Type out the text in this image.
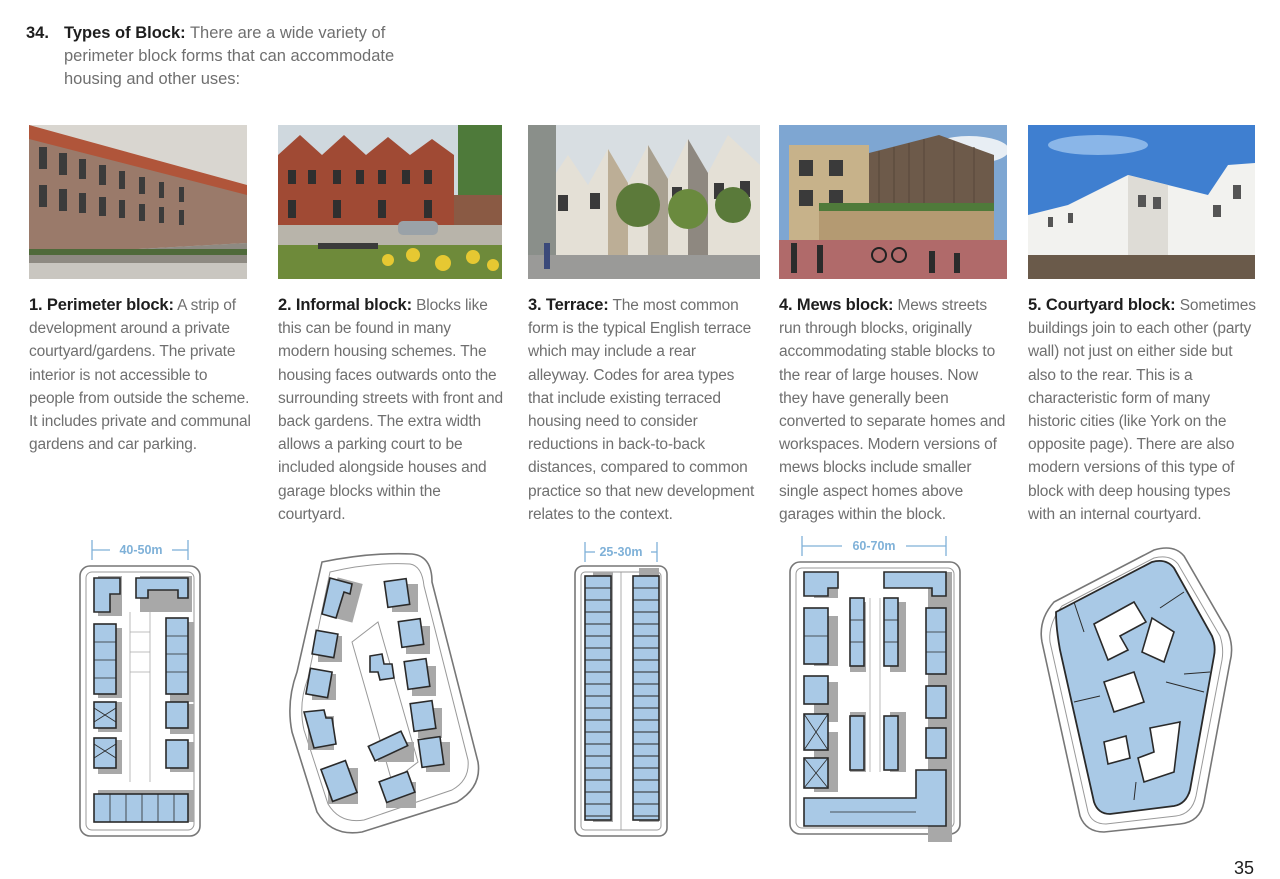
34. Types of Block: There are a wide variety of perimeter block forms that can accommodate housing and other uses:
1. Perimeter block: A strip of development around a private courtyard/gardens. The private interior is not accessible to people from outside the scheme. It includes private and communal gardens and car parking.
2. Informal block: Blocks like this can be found in many modern housing schemes. The housing faces outwards onto the surrounding streets with front and back gardens. The extra width allows a parking court to be included alongside houses and garage blocks within the courtyard.
3. Terrace: The most common form is the typical English terrace which may include a rear alleyway. Codes for area types that include existing terraced housing need to consider reductions in back-to-back distances, compared to common practice so that new development relates to the context.
4. Mews block: Mews streets run through blocks, originally accommodating stable blocks to the rear of large houses. Now they have generally been converted to separate homes and workspaces. Modern versions of mews blocks include smaller single aspect homes above garages within the block.
5. Courtyard block: Sometimes buildings join to each other (party wall) not just on either side but also to the rear. This is a characteristic form of many historic cities (like York on the opposite page). There are also modern versions of this type of block with deep housing types with an internal courtyard.
40-50m	25-30m	60-70m
35
